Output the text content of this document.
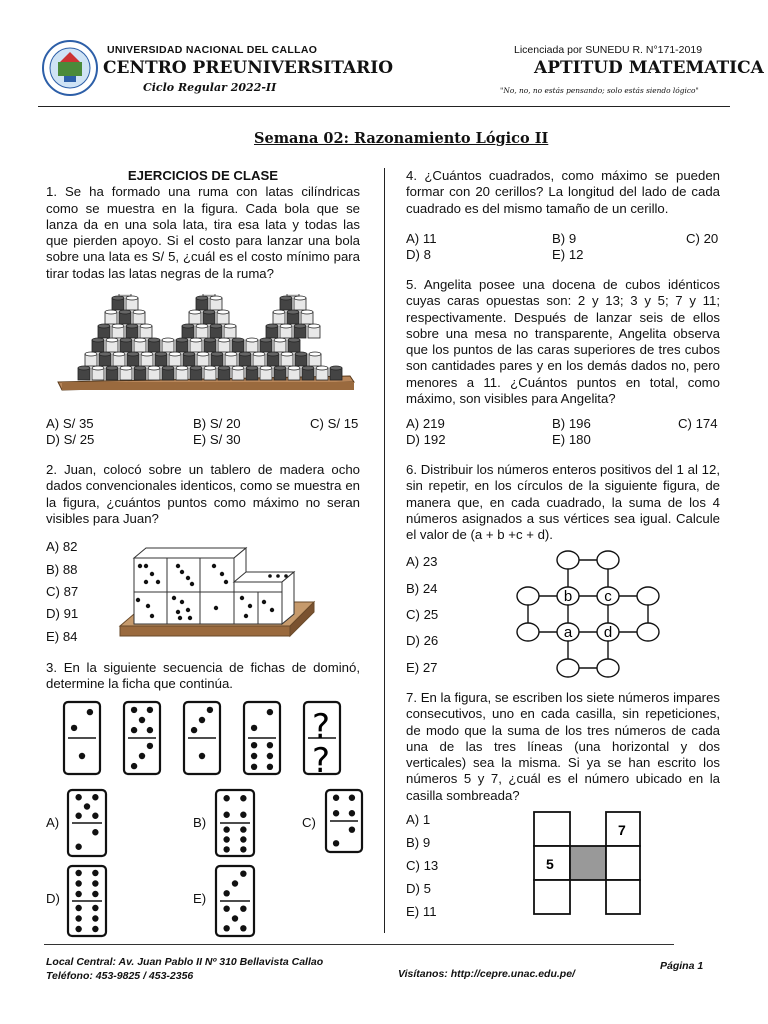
UNIVERSIDAD NACIONAL DEL CALLAO
CENTRO PREUNIVERSITARIO
Ciclo Regular 2022-II
Licenciada por SUNEDU R. N°171-2019
APTITUD MATEMATICA
"No, no, no estás pensando; solo estás siendo lógico"
Semana 02: Razonamiento Lógico II

EJERCICIOS DE CLASE

1. Se ha formado una ruma con latas cilíndricas como se muestra en la figura. Cada bola que se lanza da en una sola lata, tira esa lata y todas las que pierden apoyo. Si el costo para lanzar una bola sobre una lata es S/ 5, ¿cuál es el costo mínimo para tirar todas las latas negras de la ruma?

A) S/ 35	B) S/ 20	C) S/ 15
D) S/ 25	E) S/ 30

2. Juan, colocó sobre un tablero de madera ocho dados convencionales identicos, como se muestra en la figura, ¿cuántos puntos como máximo no seran visibles para Juan?

A) 82
B) 88
C) 87
D) 91
E) 84

3. En la siguiente secuencia de fichas de dominó, determine la ficha que continúa.

?
?
A)	B)	C)
D)	E)

4. ¿Cuántos cuadrados, como máximo se pueden formar con 20 cerillos? La longitud del lado de cada cuadrado es del mismo tamaño de un cerillo.

A) 11	B) 9	C) 20
D) 8	E) 12

5. Angelita posee una docena de cubos idénticos cuyas caras opuestas son: 2 y 13; 3 y 5; 7 y 11; respectivamente. Después de lanzar seis de ellos sobre una mesa no transparente, Angelita observa que los puntos de las caras superiores de tres cubos son cantidades pares y en los demás dados no, pero menores a 11. ¿Cuántos puntos en total, como máximo, son visibles para Angelita?

A) 219	B) 196	C) 174
D) 192	E) 180

6. Distribuir los números enteros positivos del 1 al 12, sin repetir, en los círculos de la siguiente figura, de manera que, en cada cuadrado, la suma de los 4 números asignados a sus vértices sea igual. Calcule el valor de (a + b +c + d).

A) 23
B) 24
C) 25
D) 26
E) 27
b c
a d

7. En la figura, se escriben los siete números impares consecutivos, uno en cada casilla, sin repeticiones, de modo que la suma de los tres números de cada una de las tres líneas (una horizontal y dos verticales) sea la misma. Si ya se han escrito los números 5 y 7, ¿cuál es el número ubicado en la casilla sombreada?

A) 1
B) 9
C) 13
D) 5
E) 11
5
7
Local Central: Av. Juan Pablo II Nº 310 Bellavista Callao
Teléfono: 453-9825 / 453-2356	Visítanos: http://cepre.unac.edu.pe/
Página 1
